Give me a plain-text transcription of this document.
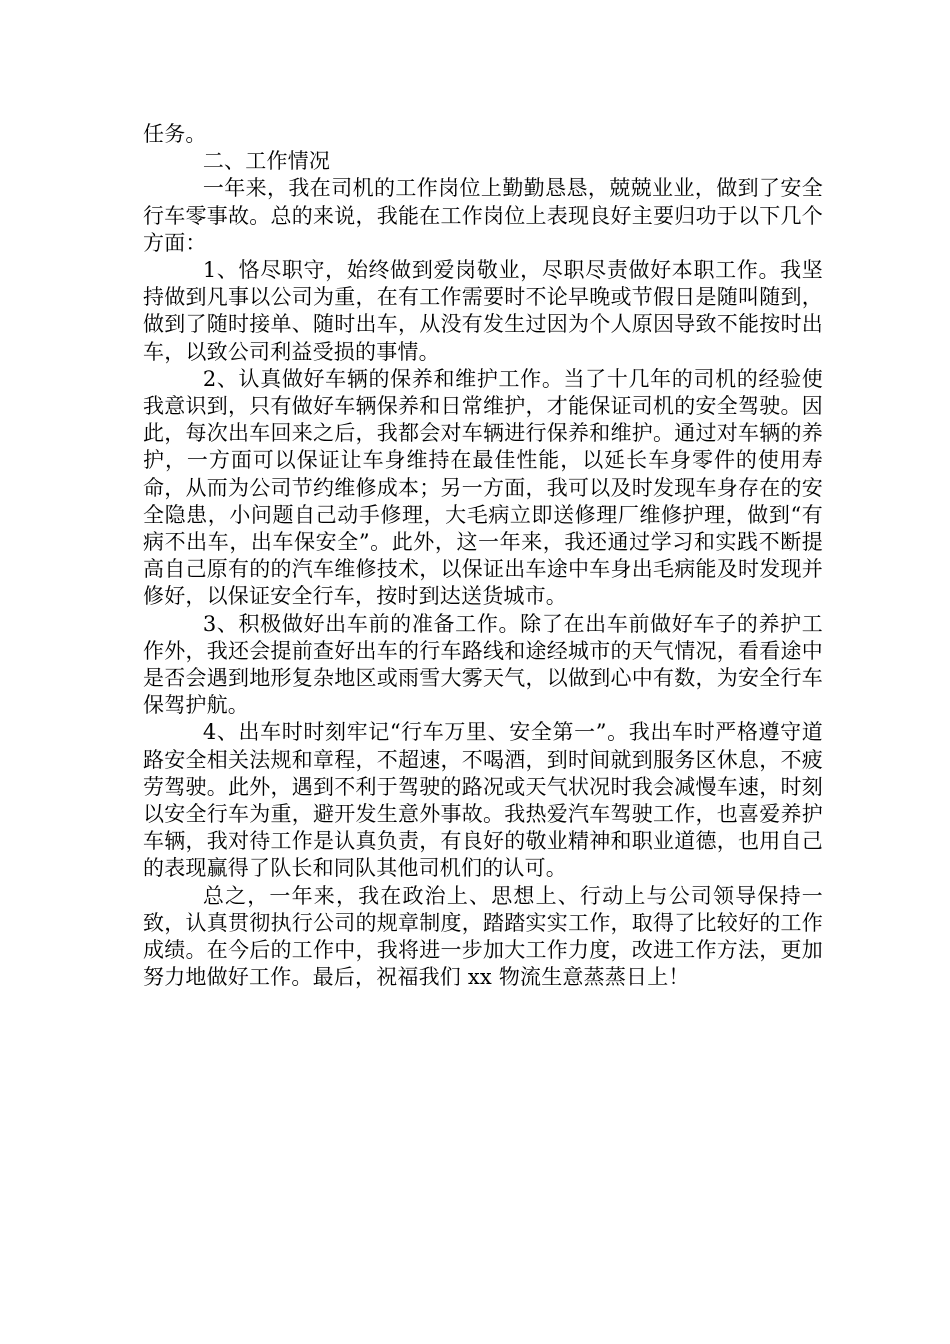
任务。

二、工作情况

一年来，我在司机的工作岗位上勤勤恳恳，兢兢业业，做到了安全行车零事故。总的来说，我能在工作岗位上表现良好主要归功于以下几个方面：

1、恪尽职守，始终做到爱岗敬业，尽职尽责做好本职工作。我坚持做到凡事以公司为重，在有工作需要时不论早晚或节假日是随叫随到，做到了随时接单、随时出车，从没有发生过因为个人原因导致不能按时出车，以致公司利益受损的事情。

2、认真做好车辆的保养和维护工作。当了十几年的司机的经验使我意识到，只有做好车辆保养和日常维护，才能保证司机的安全驾驶。因此，每次出车回来之后，我都会对车辆进行保养和维护。通过对车辆的养护，一方面可以保证让车身维持在最佳性能，以延长车身零件的使用寿命，从而为公司节约维修成本；另一方面，我可以及时发现车身存在的安全隐患，小问题自己动手修理，大毛病立即送修理厂维修护理，做到“有病不出车，出车保安全”。此外，这一年来，我还通过学习和实践不断提高自己原有的的汽车维修技术，以保证出车途中车身出毛病能及时发现并修好，以保证安全行车，按时到达送货城市。

3、积极做好出车前的准备工作。除了在出车前做好车子的养护工作外，我还会提前查好出车的行车路线和途经城市的天气情况，看看途中是否会遇到地形复杂地区或雨雪大雾天气，以做到心中有数，为安全行车保驾护航。

4、出车时时刻牢记“行车万里、安全第一”。我出车时严格遵守道路安全相关法规和章程，不超速，不喝酒，到时间就到服务区休息，不疲劳驾驶。此外，遇到不利于驾驶的路况或天气状况时我会减慢车速，时刻以安全行车为重，避开发生意外事故。我热爱汽车驾驶工作，也喜爱养护车辆，我对待工作是认真负责，有良好的敬业精神和职业道德，也用自己的表现赢得了队长和同队其他司机们的认可。

总之，一年来，我在政治上、思想上、行动上与公司领导保持一致，认真贯彻执行公司的规章制度，踏踏实实工作，取得了比较好的工作成绩。在今后的工作中，我将进一步加大工作力度，改进工作方法，更加努力地做好工作。最后，祝福我们 xx 物流生意蒸蒸日上！
